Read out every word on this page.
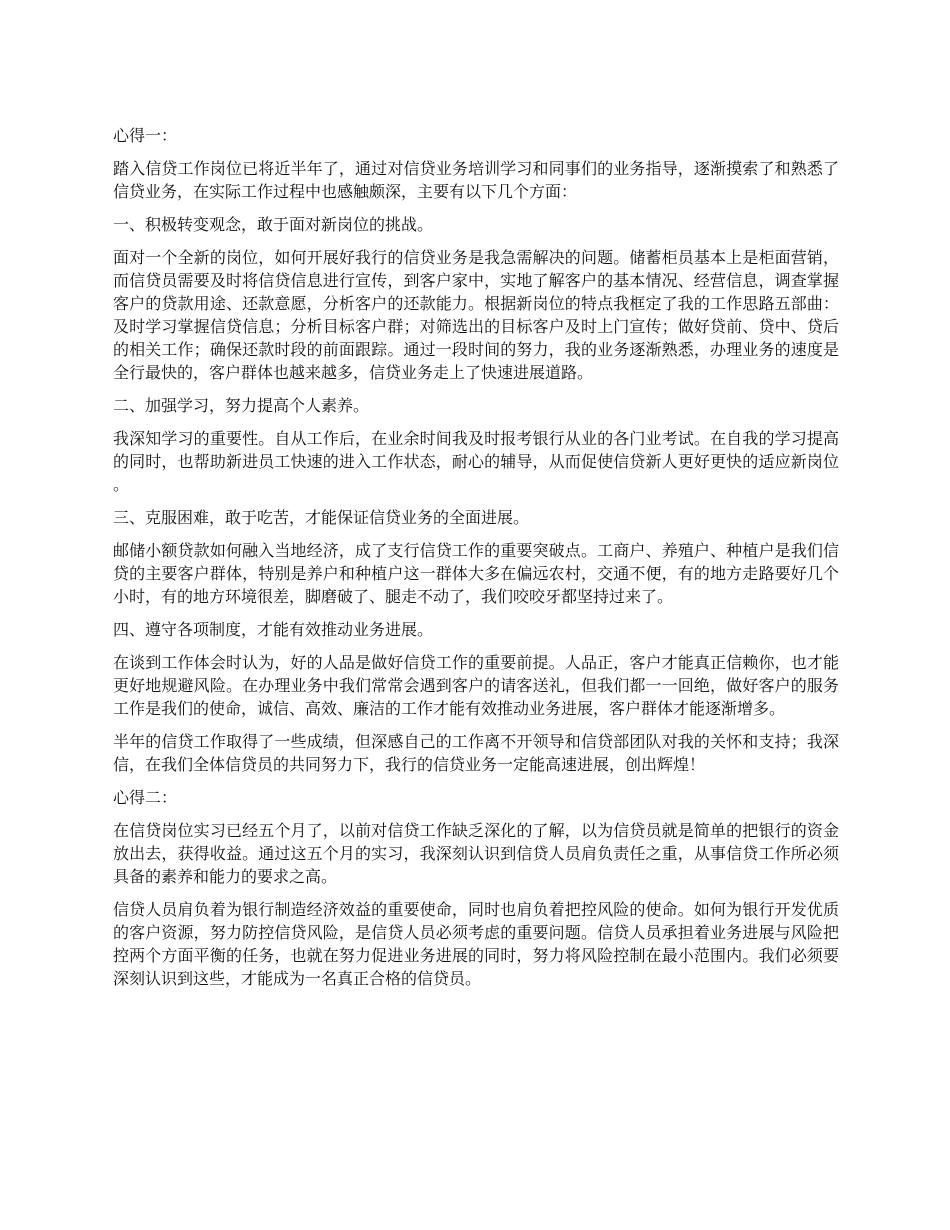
心得一：

踏入信贷工作岗位已将近半年了，通过对信贷业务培训学习和同事们的业务指导，逐渐摸索了和熟悉了信贷业务，在实际工作过程中也感触颇深，主要有以下几个方面：

一、积极转变观念，敢于面对新岗位的挑战。

面对一个全新的岗位，如何开展好我行的信贷业务是我急需解决的问题。储蓄柜员基本上是柜面营销，而信贷员需要及时将信贷信息进行宣传，到客户家中，实地了解客户的基本情况、经营信息，调查掌握客户的贷款用途、还款意愿，分析客户的还款能力。根据新岗位的特点我框定了我的工作思路五部曲：及时学习掌握信贷信息；分析目标客户群；对筛选出的目标客户及时上门宣传；做好贷前、贷中、贷后的相关工作；确保还款时段的前面跟踪。通过一段时间的努力，我的业务逐渐熟悉，办理业务的速度是全行最快的，客户群体也越来越多，信贷业务走上了快速进展道路。

二、加强学习，努力提高个人素养。

我深知学习的重要性。自从工作后，在业余时间我及时报考银行从业的各门业考试。在自我的学习提高的同时，也帮助新进员工快速的进入工作状态，耐心的辅导，从而促使信贷新人更好更快的适应新岗位。

三、克服困难，敢于吃苦，才能保证信贷业务的全面进展。

邮储小额贷款如何融入当地经济，成了支行信贷工作的重要突破点。工商户、养殖户、种植户是我们信贷的主要客户群体，特别是养户和种植户这一群体大多在偏远农村，交通不便，有的地方走路要好几个小时，有的地方环境很差，脚磨破了、腿走不动了，我们咬咬牙都坚持过来了。

四、遵守各项制度，才能有效推动业务进展。

在谈到工作体会时认为，好的人品是做好信贷工作的重要前提。人品正，客户才能真正信赖你，也才能更好地规避风险。在办理业务中我们常常会遇到客户的请客送礼，但我们都一一回绝，做好客户的服务工作是我们的使命，诚信、高效、廉洁的工作才能有效推动业务进展，客户群体才能逐渐增多。

半年的信贷工作取得了一些成绩，但深感自己的工作离不开领导和信贷部团队对我的关怀和支持；我深信，在我们全体信贷员的共同努力下，我行的信贷业务一定能高速进展，创出辉煌！

心得二：

在信贷岗位实习已经五个月了，以前对信贷工作缺乏深化的了解，以为信贷员就是简单的把银行的资金放出去，获得收益。通过这五个月的实习，我深刻认识到信贷人员肩负责任之重，从事信贷工作所必须具备的素养和能力的要求之高。

信贷人员肩负着为银行制造经济效益的重要使命，同时也肩负着把控风险的使命。如何为银行开发优质的客户资源，努力防控信贷风险，是信贷人员必须考虑的重要问题。信贷人员承担着业务进展与风险把控两个方面平衡的任务，也就在努力促进业务进展的同时，努力将风险控制在最小范围内。我们必须要深刻认识到这些，才能成为一名真正合格的信贷员。
